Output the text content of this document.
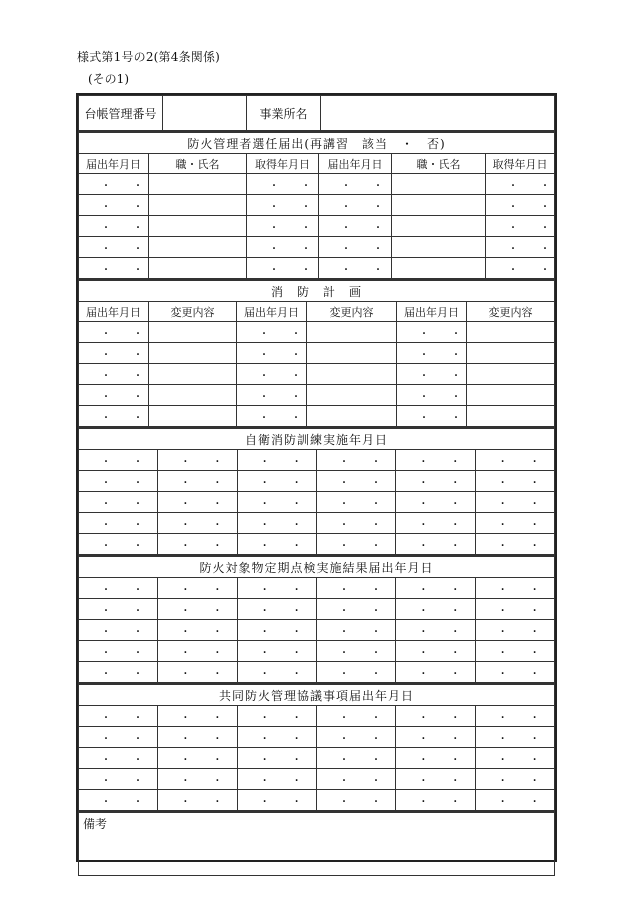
様式第1号の2(第4条関係)
(その1)
台帳管理番号		事業所名	
防火管理者選任届出(再講習　該当　・　否)					
届出年月日	職・氏名	取得年月日	届出年月日	職・氏名	取得年月日
・・		・・	・・		・・
・・		・・	・・		・・
・・		・・	・・		・・
・・		・・	・・		・・
・・		・・	・・		・・
消　防　計　画					
届出年月日	変更内容	届出年月日	変更内容	届出年月日	変更内容
・・		・・		・・	
・・		・・		・・	
・・		・・		・・	
・・		・・		・・	
・・		・・		・・	
自衛消防訓練実施年月日					
・・	・・	・・	・・	・・	・・
・・	・・	・・	・・	・・	・・
・・	・・	・・	・・	・・	・・
・・	・・	・・	・・	・・	・・
・・	・・	・・	・・	・・	・・
防火対象物定期点検実施結果届出年月日					
・・	・・	・・	・・	・・	・・
・・	・・	・・	・・	・・	・・
・・	・・	・・	・・	・・	・・
・・	・・	・・	・・	・・	・・
・・	・・	・・	・・	・・	・・
共同防火管理協議事項届出年月日					
・・	・・	・・	・・	・・	・・
・・	・・	・・	・・	・・	・・
・・	・・	・・	・・	・・	・・
・・	・・	・・	・・	・・	・・
・・	・・	・・	・・	・・	・・
備考
